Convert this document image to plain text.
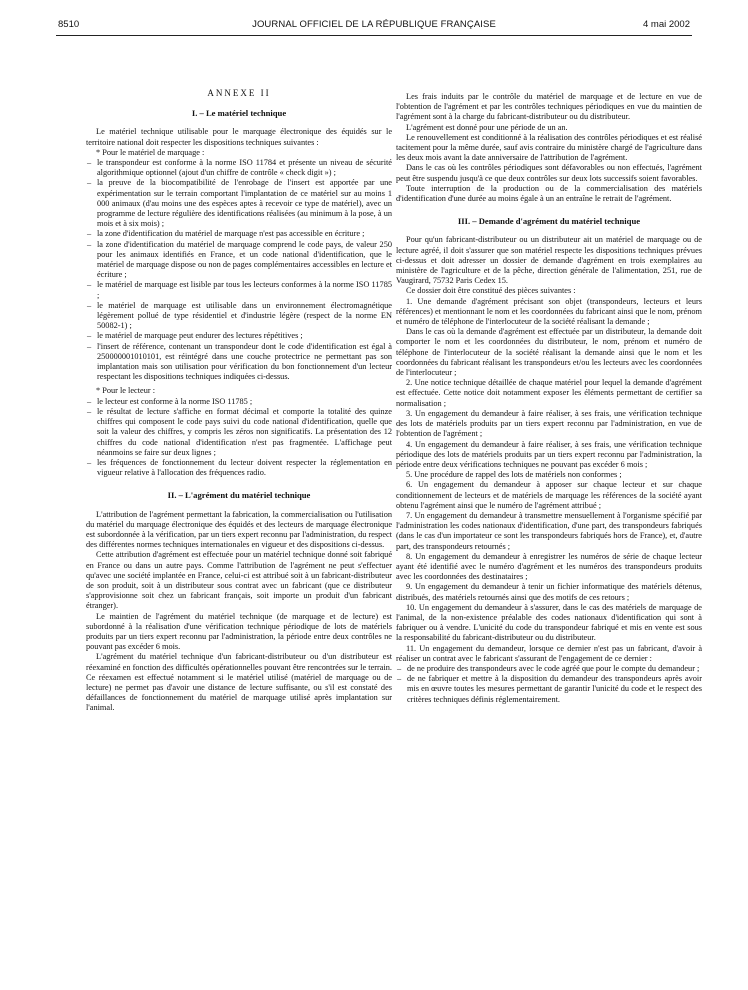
8510	JOURNAL OFFICIEL DE LA RÉPUBLIQUE FRANÇAISE	4 mai 2002
ANNEXE II
I. – Le matériel technique

Le matériel technique utilisable pour le marquage électronique des équidés sur le territoire national doit respecter les dispositions techniques suivantes :

* Pour le matériel de marquage :

– le transpondeur est conforme à la norme ISO 11784 et présente un niveau de sécurité algorithmique optionnel (ajout d'un chiffre de contrôle « check digit ») ;
– la preuve de la biocompatibilité de l'enrobage de l'insert est apportée par une expérimentation sur le terrain comportant l'implantation de ce matériel sur au moins 1 000 animaux (d'au moins une des espèces aptes à recevoir ce type de matériel), avec un programme de lecture régulière des identifications réalisées (au minimum à la pose, à un mois et à six mois) ;
– la zone d'identification du matériel de marquage n'est pas accessible en écriture ;
– la zone d'identification du matériel de marquage comprend le code pays, de valeur 250 pour les animaux identifiés en France, et un code national d'identification, que le matériel de marquage dispose ou non de pages complémentaires accessibles en lecture et écriture ;
– le matériel de marquage est lisible par tous les lecteurs conformes à la norme ISO 11785 ;
– le matériel de marquage est utilisable dans un environnement électromagnétique légèrement pollué de type résidentiel et d'industrie légère (respect de la norme EN 50082-1) ;
– le matériel de marquage peut endurer des lectures répétitives ;
– l'insert de référence, contenant un transpondeur dont le code d'identification est égal à 250000001010101, est réintégré dans une couche protectrice ne permettant pas son implantation mais son utilisation pour vérification du bon fonctionnement d'un lecteur respectant les dispositions techniques indiquées ci-dessus.

* Pour le lecteur :

– le lecteur est conforme à la norme ISO 11785 ;
– le résultat de lecture s'affiche en format décimal et comporte la totalité des quinze chiffres qui composent le code pays suivi du code national d'identification, quelle que soit la valeur des chiffres, y compris les zéros non significatifs. La présentation des 12 chiffres du code national d'identification n'est pas fragmentée. L'affichage peut néanmoins se faire sur deux lignes ;
– les fréquences de fonctionnement du lecteur doivent respecter la réglementation en vigueur relative à l'allocation des fréquences radio.
II. – L'agrément du matériel technique

L'attribution de l'agrément permettant la fabrication, la commercialisation ou l'utilisation du matériel du marquage électronique des équidés et des lecteurs de marquage électronique est subordonnée à la vérification, par un tiers expert reconnu par l'administration, du respect des différentes normes techniques internationales en vigueur et des dispositions ci-dessus.

Cette attribution d'agrément est effectuée pour un matériel technique donné soit fabriqué en France ou dans un autre pays. Comme l'attribution de l'agrément ne peut s'effectuer qu'avec une société implantée en France, celui-ci est attribué soit à un fabricant-distributeur de son produit, soit à un distributeur sous contrat avec un fabricant (que ce distributeur s'approvisionne soit chez un fabricant français, soit importe un produit d'un fabricant étranger).

Le maintien de l'agrément du matériel technique (de marquage et de lecture) est subordonné à la réalisation d'une vérification technique périodique de lots de matériels produits par un tiers expert reconnu par l'administration, la période entre deux contrôles ne pouvant pas excéder 6 mois.

L'agrément du matériel technique d'un fabricant-distributeur ou d'un distributeur est réexaminé en fonction des difficultés opérationnelles pouvant être rencontrées sur le terrain. Ce réexamen est effectué notamment si le matériel utilisé (matériel de marquage ou de lecture) ne permet pas d'avoir une distance de lecture suffisante, ou s'il est constaté des défaillances de fonctionnement du matériel de marquage utilisé après implantation sur l'animal.

Les frais induits par le contrôle du matériel de marquage et de lecture en vue de l'obtention de l'agrément et par les contrôles techniques périodiques en vue du maintien de l'agrément sont à la charge du fabricant-distributeur ou du distributeur.

L'agrément est donné pour une période de un an.

Le renouvellement est conditionné à la réalisation des contrôles périodiques et est réalisé tacitement pour la même durée, sauf avis contraire du ministère chargé de l'agriculture dans les deux mois avant la date anniversaire de l'attribution de l'agrément.

Dans le cas où les contrôles périodiques sont défavorables ou non effectués, l'agrément peut être suspendu jusqu'à ce que deux contrôles sur deux lots successifs soient favorables.

Toute interruption de la production ou de la commercialisation des matériels d'identification d'une durée au moins égale à un an entraîne le retrait de l'agrément.

III. – Demande d'agrément du matériel technique

Pour qu'un fabricant-distributeur ou un distributeur ait un matériel de marquage ou de lecture agréé, il doit s'assurer que son matériel respecte les dispositions techniques prévues ci-dessus et doit adresser un dossier de demande d'agrément en trois exemplaires au ministère de l'agriculture et de la pêche, direction générale de l'alimentation, 251, rue de Vaugirard, 75732 Paris Cedex 15.

Ce dossier doit être constitué des pièces suivantes :

1. Une demande d'agrément précisant son objet (transpondeurs, lecteurs et leurs références) et mentionnant le nom et les coordonnées du fabricant ainsi que le nom, prénom et numéro de téléphone de l'interlocuteur de la société réalisant la demande ;

Dans le cas où la demande d'agrément est effectuée par un distributeur, la demande doit comporter le nom et les coordonnées du distributeur, le nom, prénom et numéro de téléphone de l'interlocuteur de la société réalisant la demande ainsi que le nom et les coordonnées du fabricant réalisant les transpondeurs et/ou les lecteurs avec les coordonnées de l'interlocuteur ;

2. Une notice technique détaillée de chaque matériel pour lequel la demande d'agrément est effectuée. Cette notice doit notamment exposer les éléments permettant de certifier sa normalisation ;

3. Un engagement du demandeur à faire réaliser, à ses frais, une vérification technique des lots de matériels produits par un tiers expert reconnu par l'administration, en vue de l'obtention de l'agrément ;

4. Un engagement du demandeur à faire réaliser, à ses frais, une vérification technique périodique des lots de matériels produits par un tiers expert reconnu par l'administration, la période entre deux vérifications techniques ne pouvant pas excéder 6 mois ;

5. Une procédure de rappel des lots de matériels non conformes ;

6. Un engagement du demandeur à apposer sur chaque lecteur et sur chaque conditionnement de lecteurs et de matériels de marquage les références de la société ayant obtenu l'agrément ainsi que le numéro de l'agrément attribué ;

7. Un engagement du demandeur à transmettre mensuellement à l'organisme spécifié par l'administration les codes nationaux d'identification, d'une part, des transpondeurs fabriqués (dans le cas d'un importateur ce sont les transpondeurs fabriqués hors de France), et, d'autre part, des transpondeurs retournés ;

8. Un engagement du demandeur à enregistrer les numéros de série de chaque lecteur ayant été identifié avec le numéro d'agrément et les numéros des transpondeurs produits avec les coordonnées des destinataires ;

9. Un engagement du demandeur à tenir un fichier informatique des matériels détenus, distribués, des matériels retournés ainsi que des motifs de ces retours ;

10. Un engagement du demandeur à s'assurer, dans le cas des matériels de marquage de l'animal, de la non-existence préalable des codes nationaux d'identification qui sont à fabriquer ou à vendre. L'unicité du code du transpondeur fabriqué et mis en vente est sous la responsabilité du fabricant-distributeur ou du distributeur.

11. Un engagement du demandeur, lorsque ce dernier n'est pas un fabricant, d'avoir à réaliser un contrat avec le fabricant s'assurant de l'engagement de ce dernier :

– de ne produire des transpondeurs avec le code agréé que pour le compte du demandeur ;
– de ne fabriquer et mettre à la disposition du demandeur des transpondeurs après avoir mis en œuvre toutes les mesures permettant de garantir l'unicité du code et le respect des critères techniques définis réglementairement.
